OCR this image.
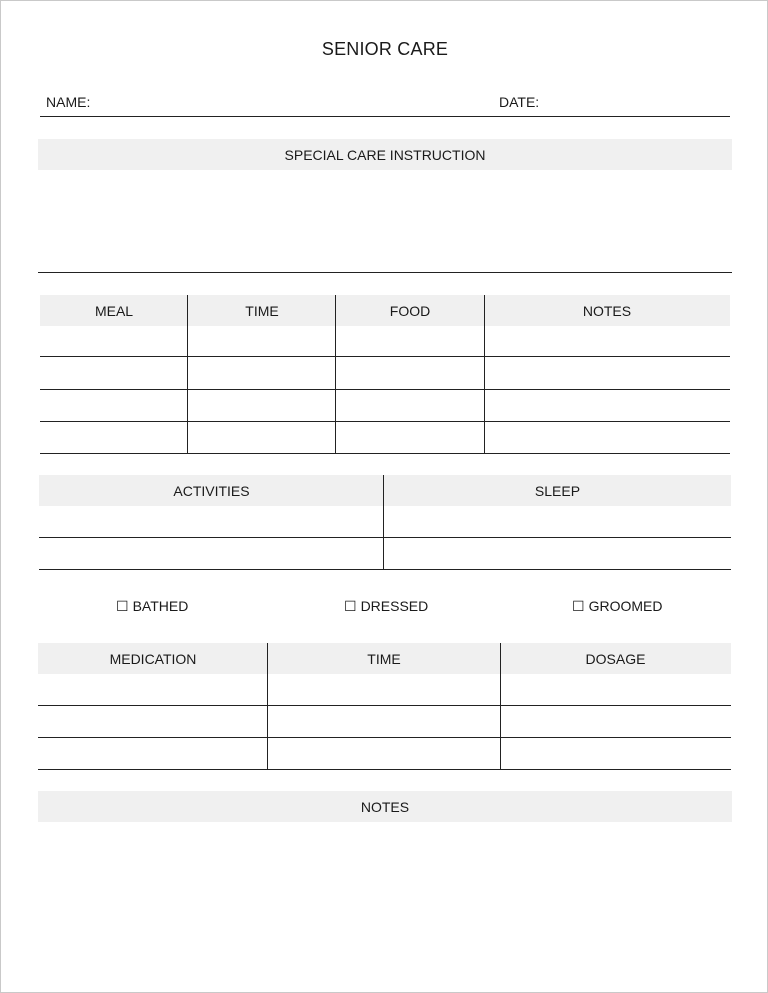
SENIOR CARE
NAME:	DATE:
SPECIAL CARE INSTRUCTION
MEAL	TIME	FOOD	NOTES
ACTIVITIES	SLEEP
☐ BATHED	☐ DRESSED	☐ GROOMED
MEDICATION	TIME	DOSAGE
NOTES
